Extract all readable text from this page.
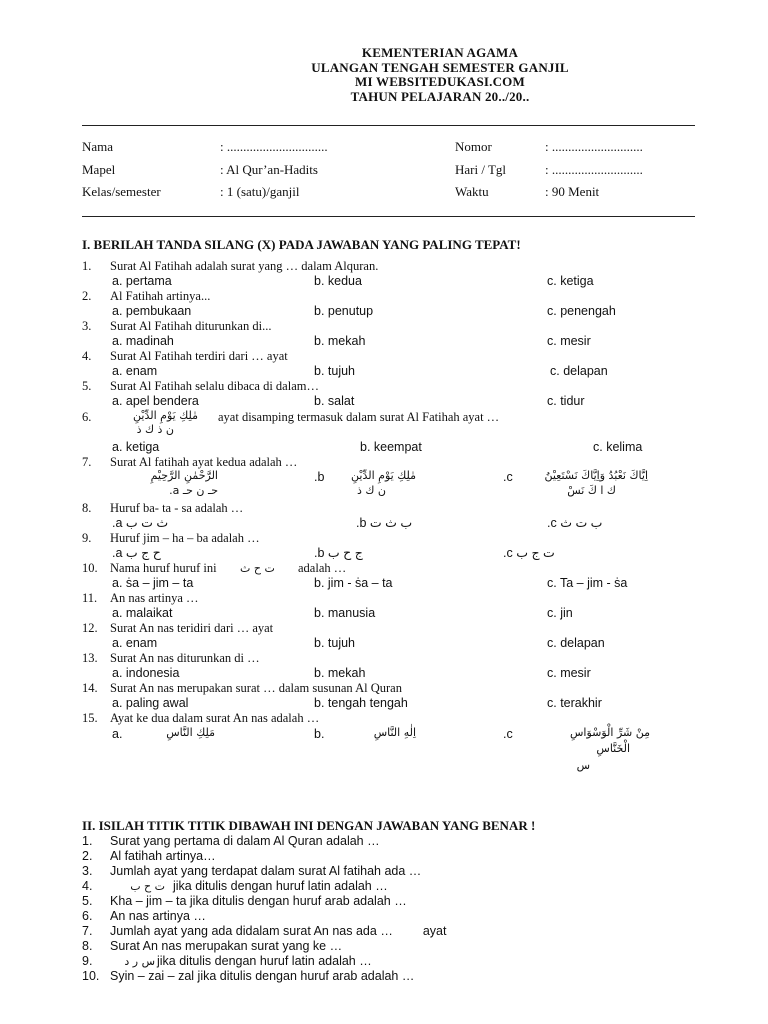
KEMENTERIAN AGAMA
ULANGAN TENGAH SEMESTER GANJIL
MI WEBSITEDUKASI.COM
TAHUN PELAJARAN 20../20..
Nama	: ...............................	Nomor	: ............................
Mapel	: Al Qur’an-Hadits	Hari / Tgl	: ............................
Kelas/semester	: 1 (satu)/ganjil	Waktu	: 90 Menit
I. BERILAH TANDA SILANG (X) PADA JAWABAN YANG PALING TEPAT!
1. Surat Al Fatihah adalah surat yang … dalam Alquran.
a. pertama	b. kedua	c. ketiga
2. Al Fatihah artinya...
a. pembukaan	b. penutup	c. penengah
3. Surat Al Fatihah diturunkan di...
a. madinah	b. mekah	c. mesir
4. Surat Al Fatihah terdiri dari … ayat
a. enam	b. tujuh	c. delapan
5. Surat Al Fatihah selalu dibaca di dalam…
a. apel bendera	b. salat	c. tidur
6.	ayat disamping termasuk dalam surat Al Fatihah ayat …
مٰلِكِ يَوْمِ الدِّيْنِ
ن ذ ك ذ
a. ketiga	b. keempat	c. kelima
7. Surat Al fatihah ayat kedua adalah …
الرَّحْمٰنِ الرَّحِيْمِ
حـ ن حـ a.
.b	مٰلِكِ يَوْمِ الدِّيْنِ
ن ك ذ
.c	اِيَّاكَ نَعْبُدُ وَاِيَّاكَ نَسْتَعِيْنُ
ك ا كَ نَسْ
8. Huruf ba- ta - sa adalah …
.a ث ت ب	.b ب ث ت	.c ب ت ث
9. Huruf jim – ha – ba adalah …
.a ح ج ب	.b ج ح ب	.c ت ج ب
10. Nama huruf huruf ini ت ح ث adalah …
a. ṡa – jim – ta	b. jim - ṡa – ta	c. Ta – jim - ṡa
11. An nas artinya …
a. malaikat	b. manusia	c. jin
12. Surat An nas teridiri dari … ayat
a. enam	b. tujuh	c. delapan
13. Surat An nas diturunkan di …
a. indonesia	b. mekah	c. mesir
14. Surat An nas merupakan surat … dalam susunan Al Quran
a. paling awal	b. tengah tengah	c. terakhir
15. Ayat ke dua dalam surat An nas adalah …
a.	مَلِكِ النَّاسِ	b.	اِلٰهِ النَّاسِ	.c	مِنْ شَرِّ الْوَسْوَاسِ
الْخَنَّاسِ
س
II. ISILAH TITIK TITIK DIBAWAH INI DENGAN JAWABAN YANG BENAR !
1. Surat yang pertama di dalam Al Quran adalah …
2. Al fatihah artinya…
3. Jumlah ayat yang terdapat dalam surat Al fatihah ada …
4.	ت ح ب jika ditulis dengan huruf latin adalah …
5. Kha – jim – ta jika ditulis dengan huruf arab adalah …
6. An nas artinya …
7. Jumlah ayat yang ada didalam surat An nas ada … ayat
8. Surat An nas merupakan surat yang ke …
9.	س ر د jika ditulis dengan huruf latin adalah …
10. Syin – zai – zal jika ditulis dengan huruf arab adalah …
